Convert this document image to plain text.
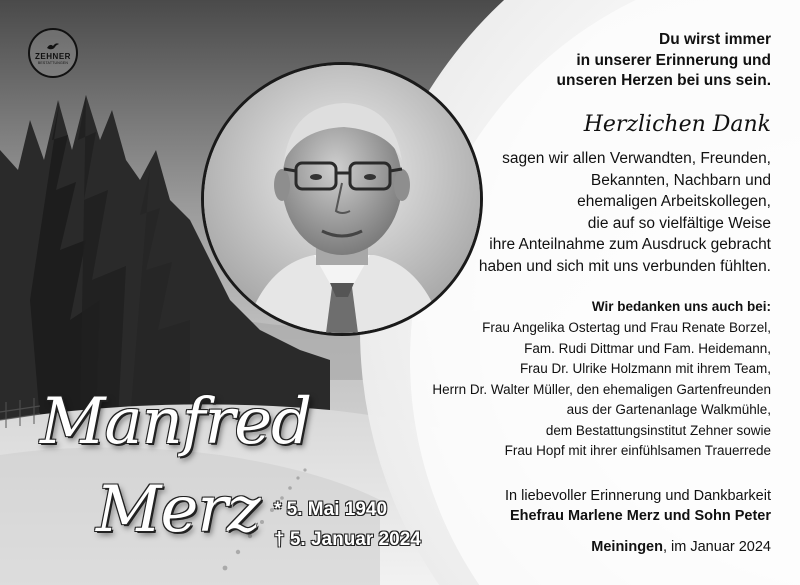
ZEHNER
BESTATTUNGEN
Manfred
Merz * 5. Mai 1940
† 5. Januar 2024
Du wirst immer
in unserer Erinnerung und
unseren Herzen bei uns sein.
Herzlichen Dank
sagen wir allen Verwandten, Freunden,
Bekannten, Nachbarn und
ehemaligen Arbeitskollegen,
die auf so vielfältige Weise
ihre Anteilnahme zum Ausdruck gebracht
haben und sich mit uns verbunden fühlten.
Wir bedanken uns auch bei:
Frau Angelika Ostertag und Frau Renate Borzel,
Fam. Rudi Dittmar und Fam. Heidemann,
Frau Dr. Ulrike Holzmann mit ihrem Team,
Herrn Dr. Walter Müller, den ehemaligen Gartenfreunden
aus der Gartenanlage Walkmühle,
dem Bestattungsinstitut Zehner sowie
Frau Hopf mit ihrer einfühlsamen Trauerrede
In liebevoller Erinnerung und Dankbarkeit
Ehefrau Marlene Merz und Sohn Peter
Meiningen, im Januar 2024
